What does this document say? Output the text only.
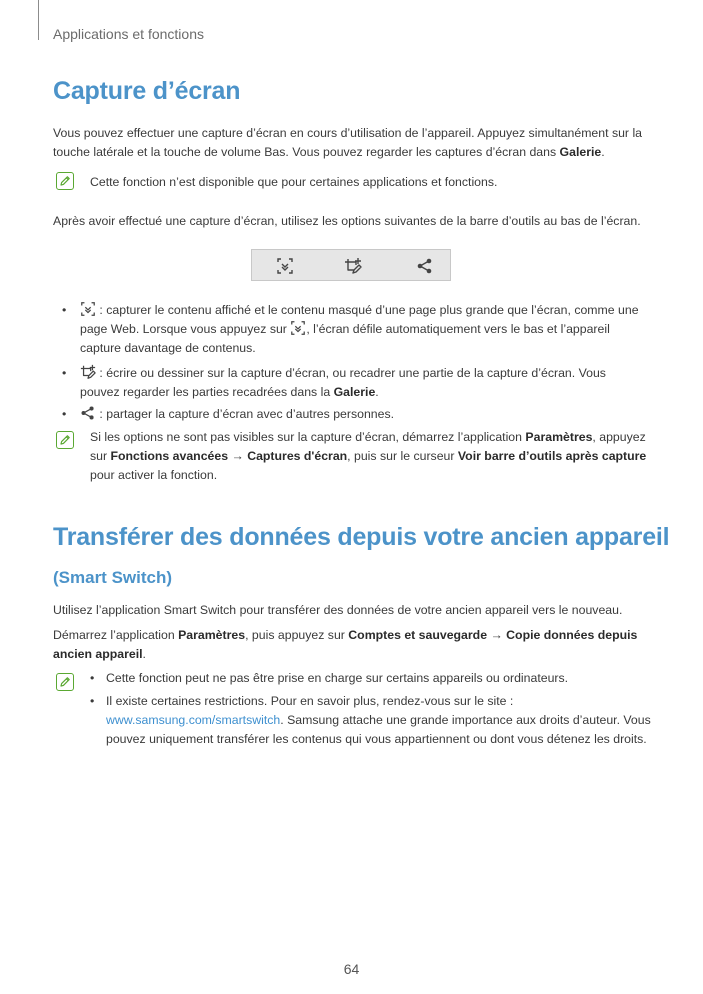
Applications et fonctions
Capture d’écran
Vous pouvez effectuer une capture d’écran en cours d’utilisation de l’appareil. Appuyez simultanément sur la touche latérale et la touche de volume Bas. Vous pouvez regarder les captures d’écran dans Galerie.
Cette fonction n’est disponible que pour certaines applications et fonctions.
Après avoir effectué une capture d’écran, utilisez les options suivantes de la barre d’outils au bas de l’écran.
•	: capturer le contenu affiché et le contenu masqué d’une page plus grande que l’écran, comme une page Web. Lorsque vous appuyez sur , l’écran défile automatiquement vers le bas et l’appareil capture davantage de contenus.
•	: écrire ou dessiner sur la capture d’écran, ou recadrer une partie de la capture d’écran. Vous pouvez regarder les parties recadrées dans la Galerie.
•	: partager la capture d’écran avec d’autres personnes.
Si les options ne sont pas visibles sur la capture d’écran, démarrez l’application Paramètres, appuyez sur Fonctions avancées → Captures d'écran, puis sur le curseur Voir barre d’outils après capture pour activer la fonction.
Transférer des données depuis votre ancien appareil
(Smart Switch)
Utilisez l’application Smart Switch pour transférer des données de votre ancien appareil vers le nouveau.
Démarrez l’application Paramètres, puis appuyez sur Comptes et sauvegarde → Copie données depuis ancien appareil.
• Cette fonction peut ne pas être prise en charge sur certains appareils ou ordinateurs.
• Il existe certaines restrictions. Pour en savoir plus, rendez-vous sur le site : www.samsung.com/smartswitch. Samsung attache une grande importance aux droits d’auteur. Vous pouvez uniquement transférer les contenus qui vous appartiennent ou dont vous détenez les droits.
64
